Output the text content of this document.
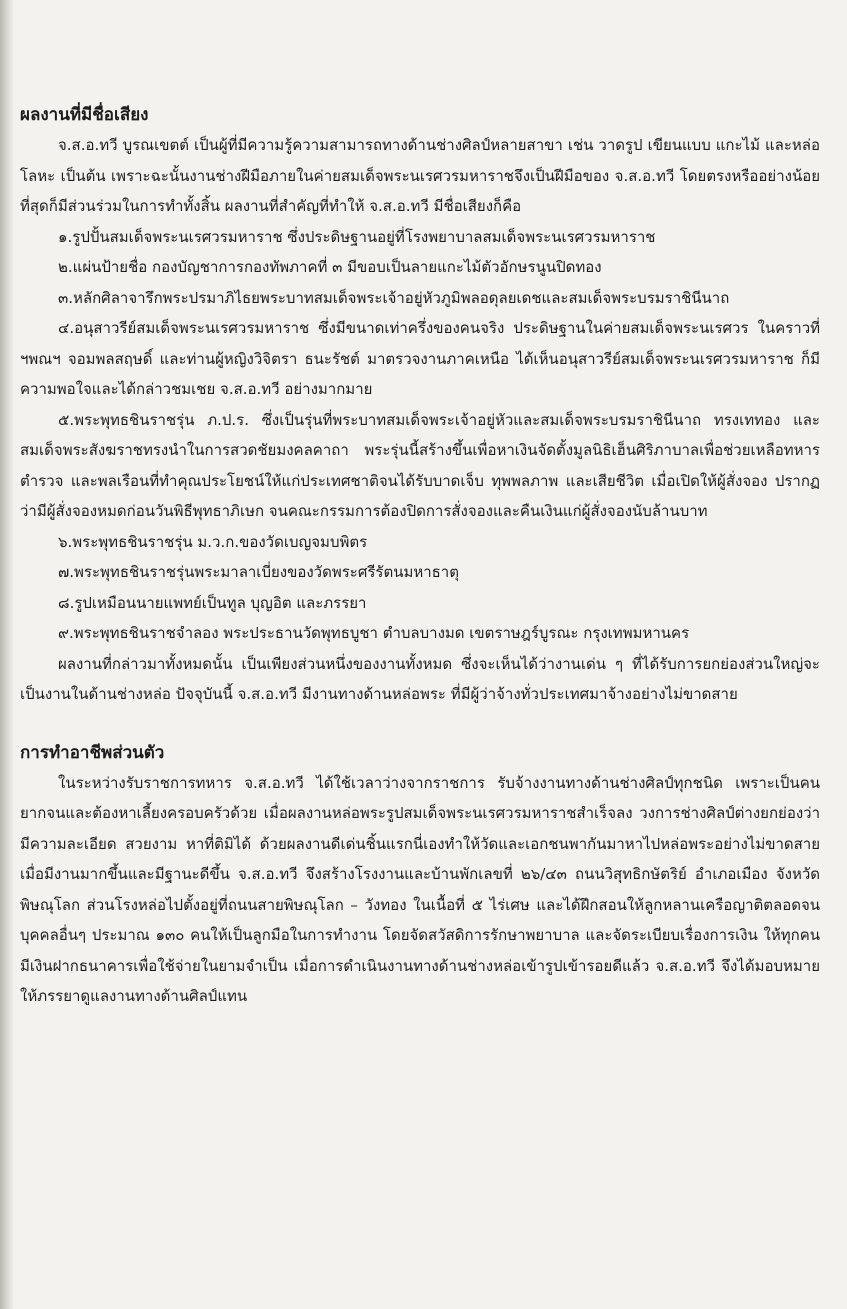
ผลงานที่มีชื่อเสียง

จ.ส.อ.ทวี บูรณเขตต์ เป็นผู้ที่มีความรู้ความสามารถทางด้านช่างศิลป์หลายสาขา เช่น วาดรูป เขียนแบบ แกะไม้ และหล่อโลหะ เป็นต้น เพราะฉะนั้นงานช่างฝีมือภายในค่ายสมเด็จพระนเรศวรมหาราชจึงเป็นฝีมือของ จ.ส.อ.ทวี โดยตรงหรืออย่างน้อยที่สุดก็มีส่วนร่วมในการทำทั้งสิ้น ผลงานที่สำคัญที่ทำให้ จ.ส.อ.ทวี มีชื่อเสียงก็คือ

๑.รูปปั้นสมเด็จพระนเรศวรมหาราช ซึ่งประดิษฐานอยู่ที่โรงพยาบาลสมเด็จพระนเรศวรมหาราช

๒.แผ่นป้ายชื่อ กองบัญชาการกองทัพภาคที่ ๓ มีขอบเป็นลายแกะไม้ตัวอักษรนูนปิดทอง

๓.หลักศิลาจารึกพระปรมาภิไธยพระบาทสมเด็จพระเจ้าอยู่หัวภูมิพลอดุลยเดชและสมเด็จพระบรมราชินีนาถ

๔.อนุสาวรีย์สมเด็จพระนเรศวรมหาราช ซึ่งมีขนาดเท่าครึ่งของคนจริง ประดิษฐานในค่ายสมเด็จพระนเรศวร ในคราวที่ ฯพณฯ จอมพลสฤษดิ์ และท่านผู้หญิงวิจิตรา ธนะรัชต์ มาตรวจงานภาคเหนือ ได้เห็นอนุสาวรีย์สมเด็จพระนเรศวรมหาราช ก็มีความพอใจและได้กล่าวชมเชย จ.ส.อ.ทวี อย่างมากมาย

๕.พระพุทธชินราชรุ่น ภ.ป.ร. ซึ่งเป็นรุ่นที่พระบาทสมเด็จพระเจ้าอยู่หัวและสมเด็จพระบรมราชินีนาถ ทรงเททอง และสมเด็จพระสังฆราชทรงนำในการสวดชัยมงคลคาถา พระรุ่นนี้สร้างขึ้นเพื่อหาเงินจัดตั้งมูลนิธิเฮ็นศิริภาบาลเพื่อช่วยเหลือทหาร ตำรวจ และพลเรือนที่ทำคุณประโยชน์ให้แก่ประเทศชาติจนได้รับบาดเจ็บ ทุพพลภาพ และเสียชีวิต เมื่อเปิดให้ผู้สั่งจอง ปรากฏว่ามีผู้สั่งจองหมดก่อนวันพิธีพุทธาภิเษก จนคณะกรรมการต้องปิดการสั่งจองและคืนเงินแก่ผู้สั่งจองนับล้านบาท

๖.พระพุทธชินราชรุ่น ม.ว.ก.ของวัดเบญจมบพิตร

๗.พระพุทธชินราชรุ่นพระมาลาเบี่ยงของวัดพระศรีรัตนมหาธาตุ

๘.รูปเหมือนนายแพทย์เป็นทูล บุญอิต และภรรยา

๙.พระพุทธชินราชจำลอง พระประธานวัดพุทธบูชา ตำบลบางมด เขตราษฎร์บูรณะ กรุงเทพมหานคร

ผลงานที่กล่าวมาทั้งหมดนั้น เป็นเพียงส่วนหนึ่งของงานทั้งหมด ซึ่งจะเห็นได้ว่างานเด่น ๆ ที่ได้รับการยกย่องส่วนใหญ่จะเป็นงานในด้านช่างหล่อ ปัจจุบันนี้ จ.ส.อ.ทวี มีงานทางด้านหล่อพระ ที่มีผู้ว่าจ้างทั่วประเทศมาจ้างอย่างไม่ขาดสาย

การทำอาชีพส่วนตัว

ในระหว่างรับราชการทหาร จ.ส.อ.ทวี ได้ใช้เวลาว่างจากราชการ รับจ้างงานทางด้านช่างศิลป์ทุกชนิด เพราะเป็นคนยากจนและต้องหาเลี้ยงครอบครัวด้วย เมื่อผลงานหล่อพระรูปสมเด็จพระนเรศวรมหาราชสำเร็จลง วงการช่างศิลป์ต่างยกย่องว่ามีความละเอียด สวยงาม หาที่ติมิได้ ด้วยผลงานดีเด่นชิ้นแรกนี่เองทำให้วัดและเอกชนพากันมาหาไปหล่อพระอย่างไม่ขาดสาย เมื่อมีงานมากขึ้นและมีฐานะดีขึ้น จ.ส.อ.ทวี จึงสร้างโรงงานและบ้านพักเลขที่ ๒๖/๔๓ ถนนวิสุทธิกษัตริย์ อำเภอเมือง จังหวัดพิษณุโลก ส่วนโรงหล่อไปตั้งอยู่ที่ถนนสายพิษณุโลก – วังทอง ในเนื้อที่ ๕ ไร่เศษ และได้ฝึกสอนให้ลูกหลานเครือญาติตลอดจนบุคคลอื่นๆ ประมาณ ๑๓๐ คนให้เป็นลูกมือในการทำงาน โดยจัดสวัสดิการรักษาพยาบาล และจัดระเบียบเรื่องการเงิน ให้ทุกคนมีเงินฝากธนาคารเพื่อใช้จ่ายในยามจำเป็น เมื่อการดำเนินงานทางด้านช่างหล่อเข้ารูปเข้ารอยดีแล้ว จ.ส.อ.ทวี จึงได้มอบหมายให้ภรรยาดูแลงานทางด้านศิลป์แทน
